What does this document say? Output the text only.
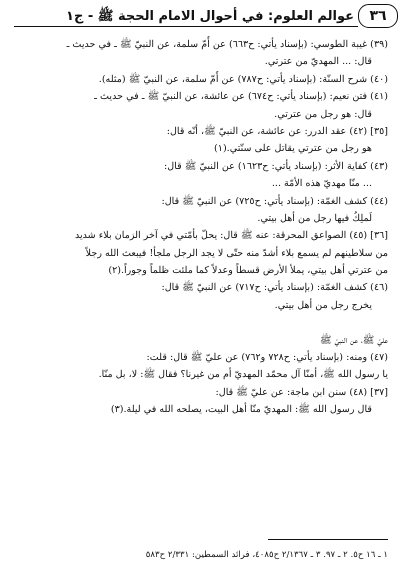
٣٦
عوالم العلوم: في أحوال الامام الحجة ﷺ - ج١
(٣٩) غيبة الطوسي: (بإسناد يأتي: ح٦٦٣) عن أُمّ سلمة، عن النبيّ ﷺ ـ في حديث ـ
قال: ... المهديّ من عترتي.
(٤٠) شرح السنّة: (بإسناد يأتي: ح٧٨٧) عن أُمّ سلمة، عن النبيّ ﷺ (مثله).
(٤١) فتن نعيم: (بإسناد يأتي: ح٦٧٤) عن عائشة، عن النبيّ ﷺ ـ في حديث ـ
قال: هو رجل من عترتي.
[٣٥] (٤٢) عقد الدرر: عن عائشة، عن النبيّ ﷺ، أنّه قال:
هو رجل من عترتي يقاتل على سنّتي.(١)
(٤٣) كفاية الأثر: (بإسناد يأتي: ح١٦٢٣) عن النبيّ ﷺ قال:
... منّا مهديّ هذه الأمّة ...
(٤٤) كشف الغمّة: (بإسناد يأتي: ح٧٢٥) عن النبيّ ﷺ قال:
لَملِكُ فيها رجل من أهل بيتي.
[٣٦] (٤٥) الصواعق المحرقة: عنه ﷺ قال: يحلّ بأمّتي في آخر الزمان بلاء شديد
من سلاطينهم لم يسمع بلاء أشدّ منه حتّى لا يجد الرجل ملجأ! فيبعث الله رجلاً
من عترتي أهل بيتي، يملأ الأرض قسطاً وعدلاً كما ملئت ظلماً وجوراً.(٢)
(٤٦) كشف الغمّة: (بإسناد يأتي: ح٧١٧) عن النبيّ ﷺ قال:
يخرج رجل من أهل بيتي.
عليّ ﷺ، عن النبيّ ﷺ
(٤٧) ومنه: (بإسناد يأتي: ح٧٢٨ و٧٦٢) عن عليّ ﷺ قال: قلت:
يا رسول الله ﷺ، أمنّا آل محمّد المهديّ أم من غيرنا؟ فقال ﷺ: لا، بل منّا.
[٣٧] (٤٨) سنن ابن ماجة: عن عليّ ﷺ قال:
قال رسول الله ﷺ: المهديّ منّا أهل البيت، يصلحه الله في ليلة.(٣)
١ ـ ١٦ ح٥. ٢ ـ ٩٧. ٣ ـ ٢/١٣٦٧ ح٤٠٨٥، فرائد السمطين: ٢/٣٣١ ح٥٨٣
